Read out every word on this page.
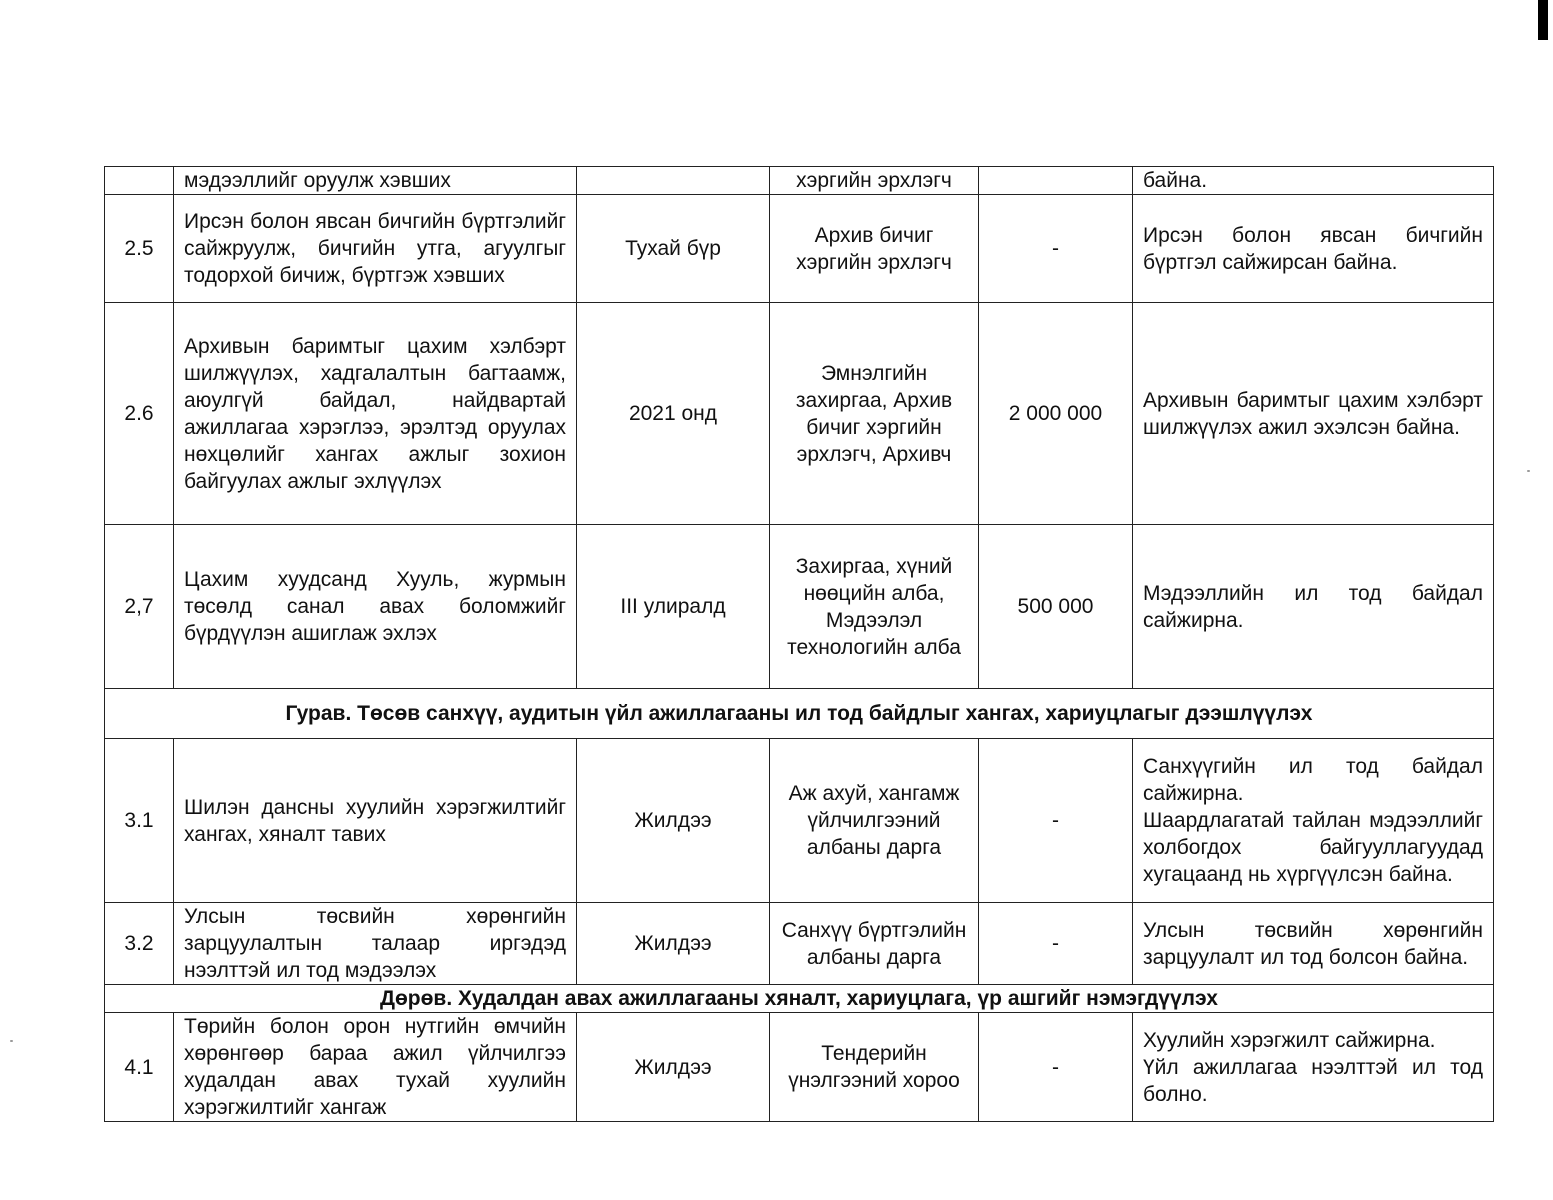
	мэдээллийг оруулж хэвших		хэргийн эрхлэгч		байна.
2.5	Ирсэн болон явсан бичгийн бүртгэлийг сайжруулж, бичгийн утга, агуулгыг тодорхой бичиж, бүртгэж хэвших	Тухай бүр	Архив бичиг хэргийн эрхлэгч	-	Ирсэн болон явсан бичгийн бүртгэл сайжирсан байна.
2.6	Архивын баримтыг цахим хэлбэрт шилжүүлэх, хадгалалтын багтаамж, аюулгүй байдал, найдвартай ажиллагаа хэрэглээ, эрэлтэд оруулах нөхцөлийг хангах ажлыг зохион байгуулах ажлыг эхлүүлэх	2021 онд	Эмнэлгийн захиргаа, Архив бичиг хэргийн эрхлэгч, Архивч	2 000 000	Архивын баримтыг цахим хэлбэрт шилжүүлэх ажил эхэлсэн байна.
2,7	Цахим хуудсанд Хууль, журмын төсөлд санал авах боломжийг бүрдүүлэн ашиглаж эхлэх	III улиралд	Захиргаа, хүний нөөцийн алба, Мэдээлэл технологийн алба	500 000	Мэдээллийн ил тод байдал сайжирна.
Гурав. Төсөв санхүү, аудитын үйл ажиллагааны ил тод байдлыг хангах, хариуцлагыг дээшлүүлэх					
3.1	Шилэн дансны хуулийн хэрэгжилтийг хангах, хяналт тавих	Жилдээ	Аж ахуй, хангамж үйлчилгээний албаны дарга	-	Санхүүгийн ил тод байдал сайжирна.
Шаардлагатай тайлан мэдээллийг холбогдох байгууллагуудад хугацаанд нь хүргүүлсэн байна.

3.2	Улсын төсвийн хөрөнгийн зарцуулалтын талаар иргэдэд нээлттэй ил тод мэдээлэх	Жилдээ	Санхүү бүртгэлийн албаны дарга	-	Улсын төсвийн хөрөнгийн зарцуулалт ил тод болсон байна.
Дөрөв. Худалдан авах ажиллагааны хяналт, хариуцлага, үр ашгийг нэмэгдүүлэх					
4.1	Төрийн болон орон нутгийн өмчийн хөрөнгөөр бараа ажил үйлчилгээ худалдан авах тухай хуулийн хэрэгжилтийг хангаж	Жилдээ	Тендерийн үнэлгээний хороо	-	Хуулийн хэрэгжилт сайжирна.
Үйл ажиллагаа нээлттэй ил тод болно.
